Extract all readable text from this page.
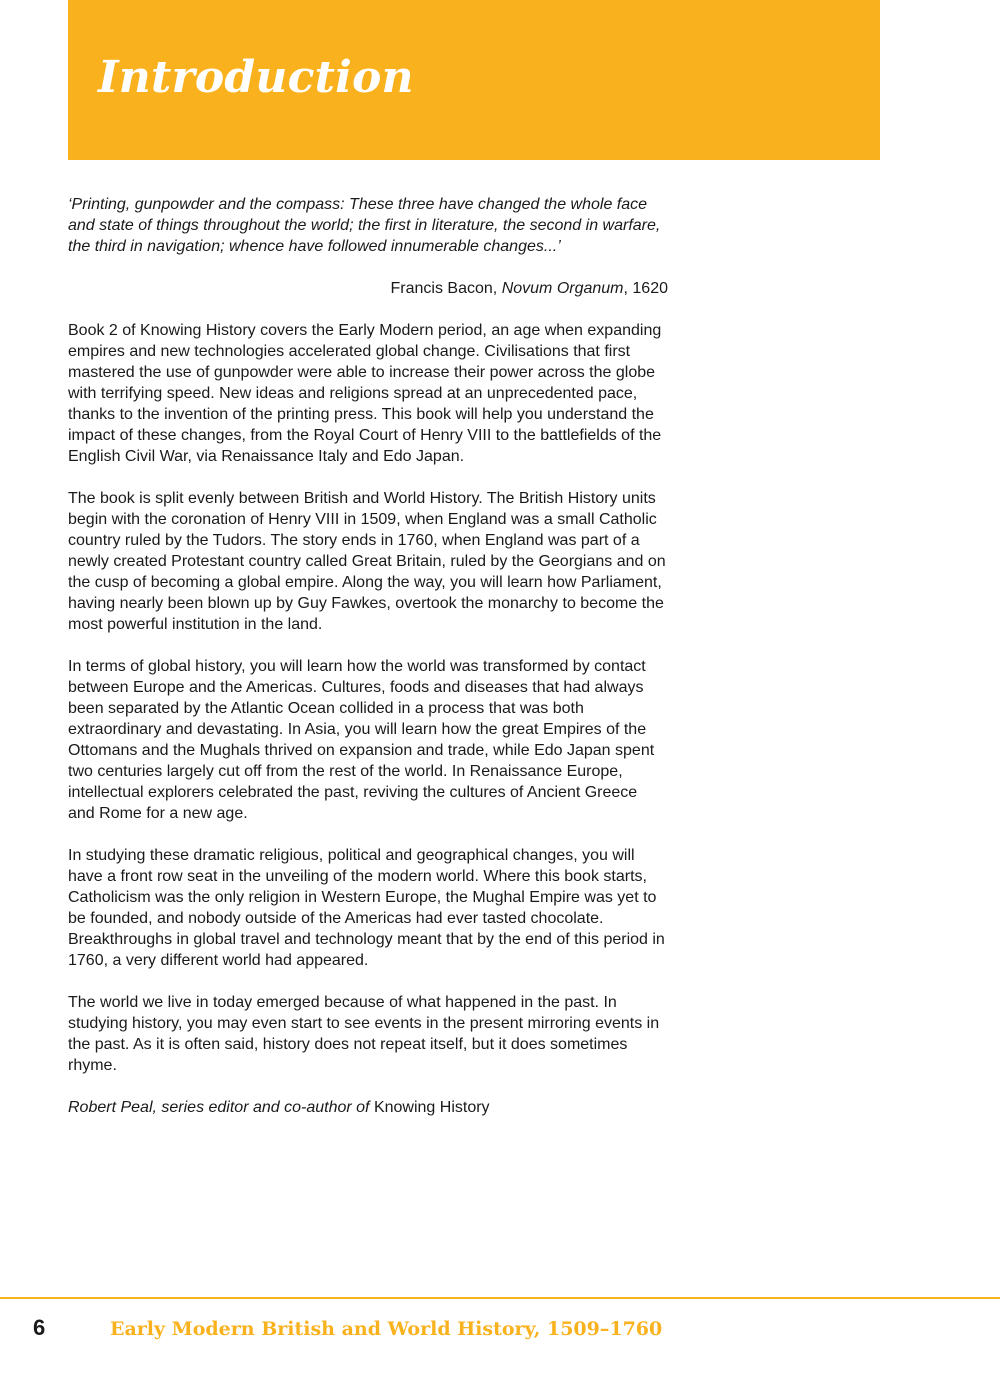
Introduction

‘Printing, gunpowder and the compass: These three have changed the whole face and state of things throughout the world; the first in literature, the second in warfare, the third in navigation; whence have followed innumerable changes...’

Francis Bacon, Novum Organum, 1620

Book 2 of Knowing History covers the Early Modern period, an age when expanding empires and new technologies accelerated global change. Civilisations that first mastered the use of gunpowder were able to increase their power across the globe with terrifying speed. New ideas and religions spread at an unprecedented pace, thanks to the invention of the printing press. This book will help you understand the impact of these changes, from the Royal Court of Henry VIII to the battlefields of the English Civil War, via Renaissance Italy and Edo Japan.

The book is split evenly between British and World History. The British History units begin with the coronation of Henry VIII in 1509, when England was a small Catholic country ruled by the Tudors. The story ends in 1760, when England was part of a newly created Protestant country called Great Britain, ruled by the Georgians and on the cusp of becoming a global empire. Along the way, you will learn how Parliament, having nearly been blown up by Guy Fawkes, overtook the monarchy to become the most powerful institution in the land.

In terms of global history, you will learn how the world was transformed by contact between Europe and the Americas. Cultures, foods and diseases that had always been separated by the Atlantic Ocean collided in a process that was both extraordinary and devastating. In Asia, you will learn how the great Empires of the Ottomans and the Mughals thrived on expansion and trade, while Edo Japan spent two centuries largely cut off from the rest of the world. In Renaissance Europe, intellectual explorers celebrated the past, reviving the cultures of Ancient Greece and Rome for a new age.

In studying these dramatic religious, political and geographical changes, you will have a front row seat in the unveiling of the modern world. Where this book starts, Catholicism was the only religion in Western Europe, the Mughal Empire was yet to be founded, and nobody outside of the Americas had ever tasted chocolate. Breakthroughs in global travel and technology meant that by the end of this period in 1760, a very different world had appeared.

The world we live in today emerged because of what happened in the past. In studying history, you may even start to see events in the present mirroring events in the past. As it is often said, history does not repeat itself, but it does sometimes rhyme.

Robert Peal, series editor and co-author of Knowing History

6	Early Modern British and World History, 1509–1760
